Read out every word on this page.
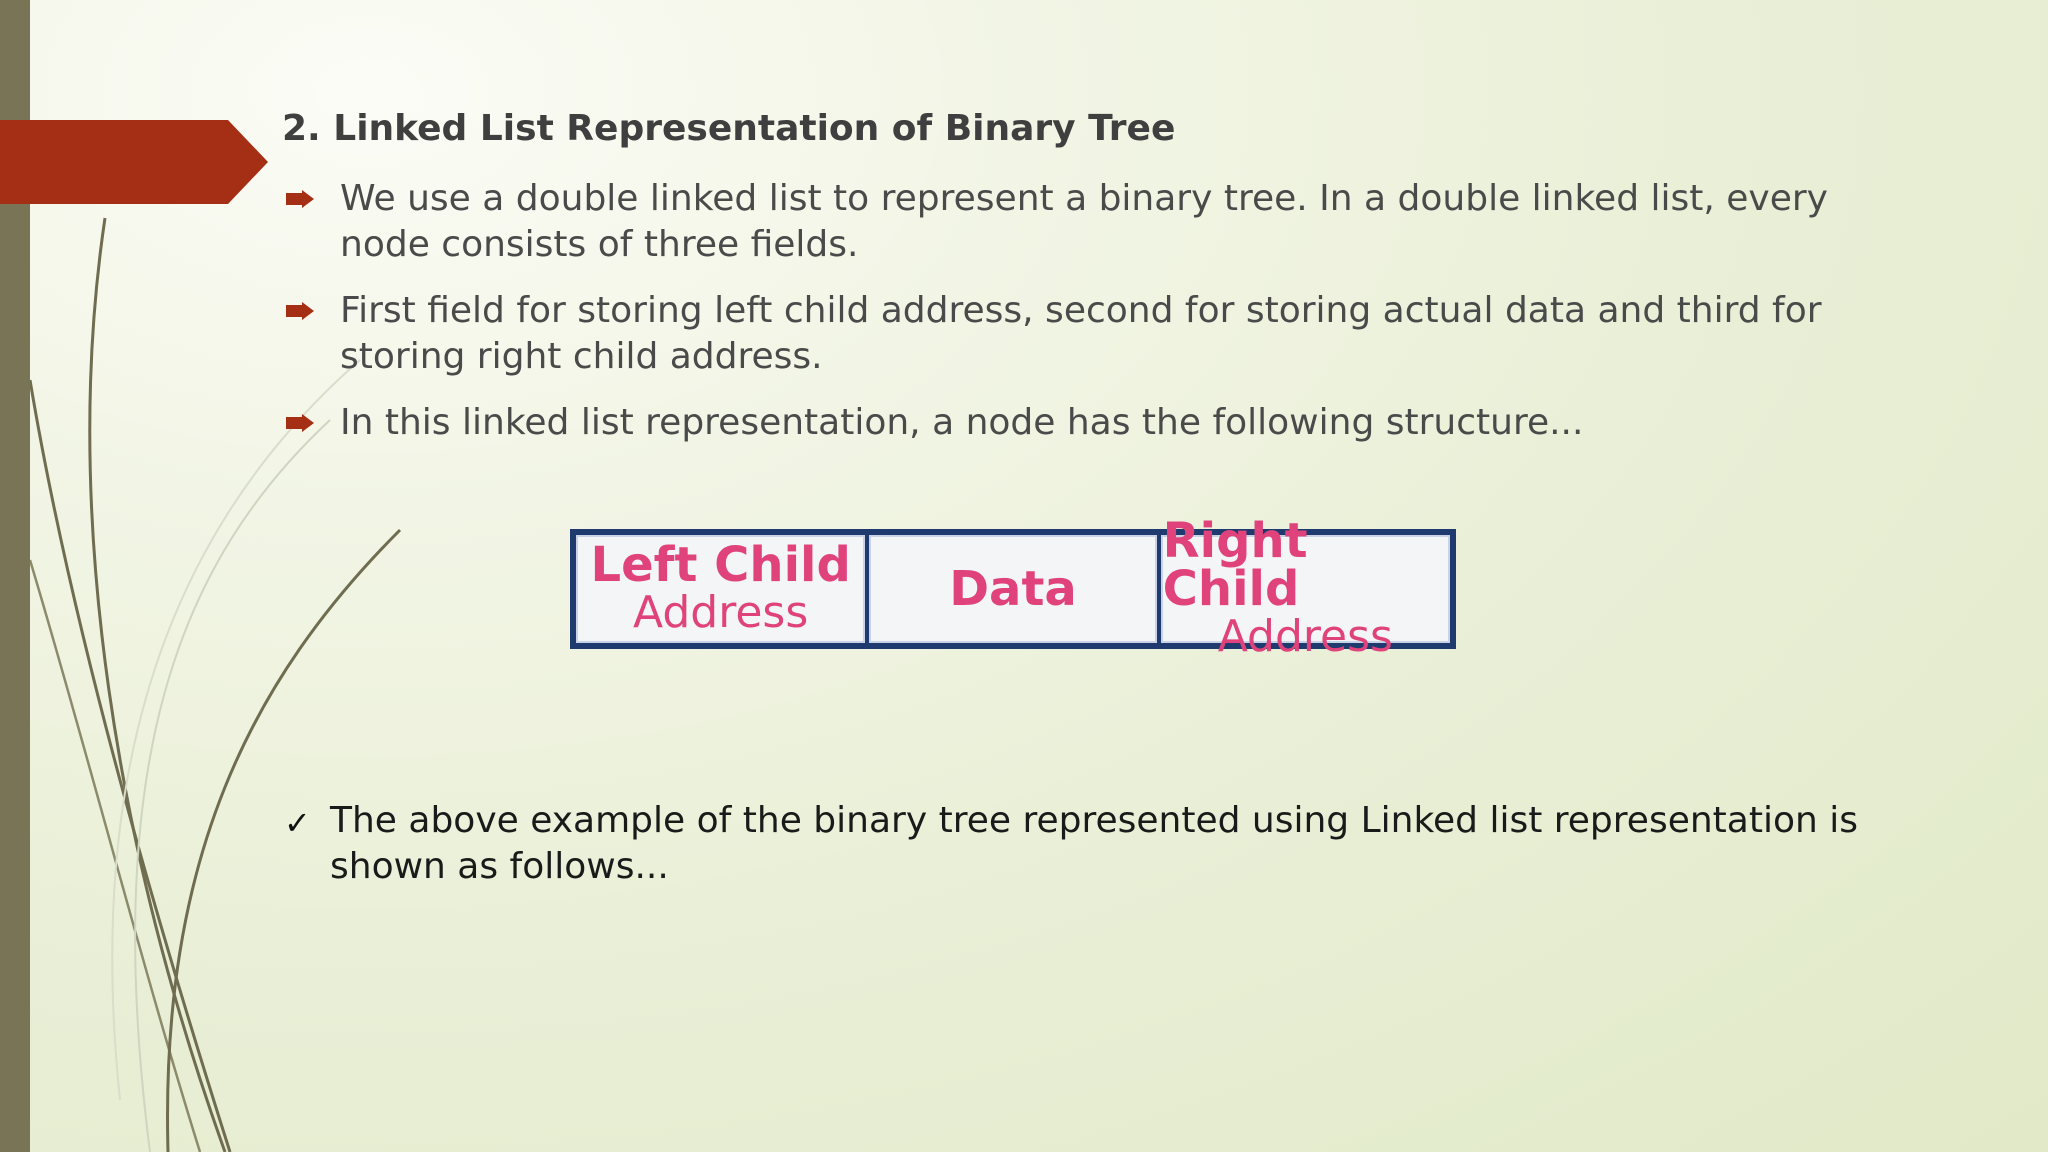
2. Linked List Representation of Binary Tree
We use a double linked list to represent a binary tree. In a double linked list, every node consists of three fields.
First field for storing left child address, second for storing actual data and third for storing right child address.
In this linked list representation, a node has the following structure...
Left Child
Address	Data
Right Child
Address
✓ The above example of the binary tree represented using Linked list representation is shown as follows...
